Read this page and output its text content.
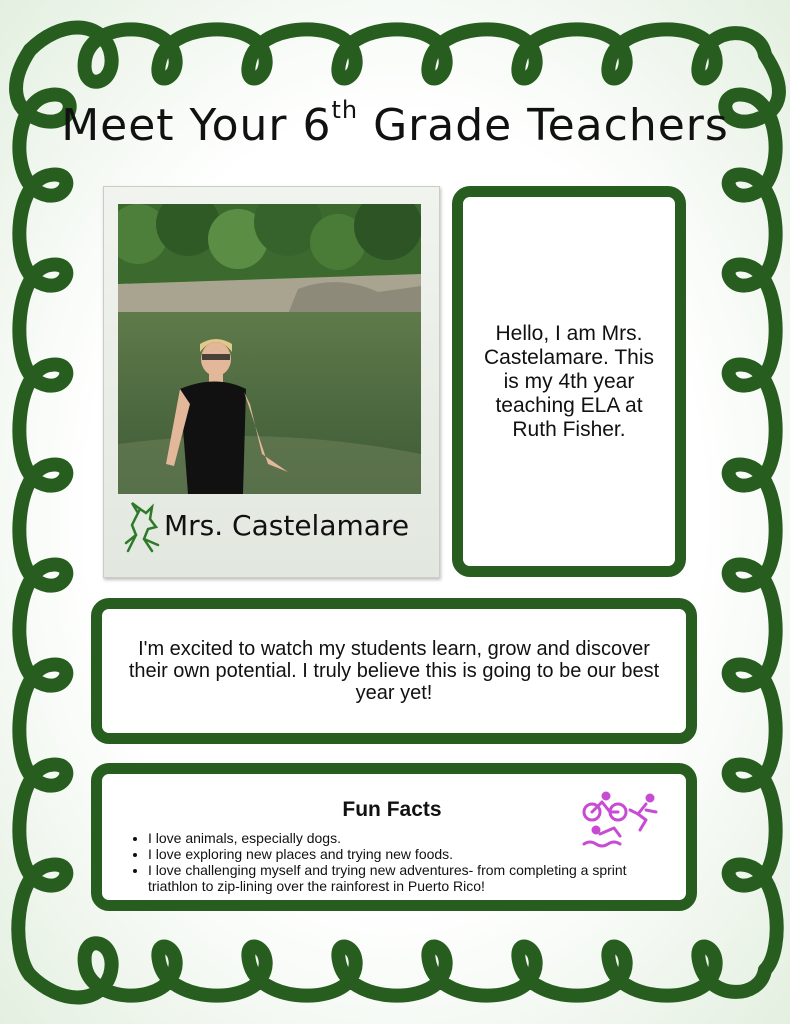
Meet Your 6th Grade Teachers
Mrs. Castelamare
Hello, I am Mrs. Castelamare. This is my 4th year teaching ELA at Ruth Fisher.
I'm excited to watch my students learn, grow and discover their own potential. I truly believe this is going to be our best year yet!
Fun Facts
• I love animals, especially dogs.
• I love exploring new places and trying new foods.
• I love challenging myself and trying new adventures- from completing a sprint triathlon to zip-lining over the rainforest in Puerto Rico!
